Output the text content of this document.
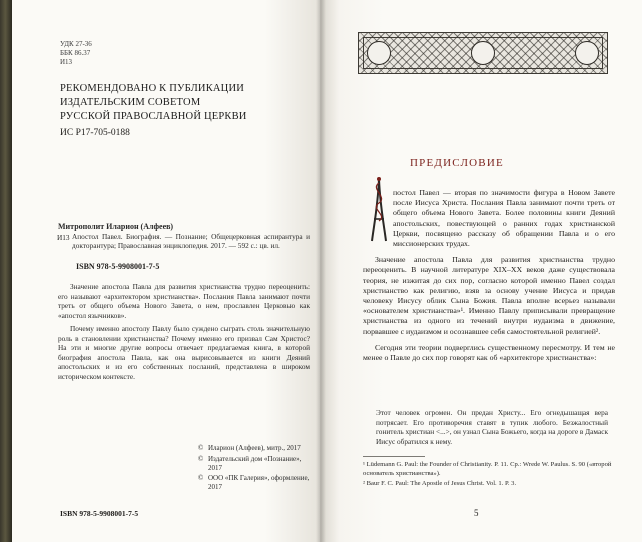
УДК 27-36
ББК 86.37
И13
РЕКОМЕНДОВАНО К ПУБЛИКАЦИИ
ИЗДАТЕЛЬСКИМ СОВЕТОМ
РУССКОЙ ПРАВОСЛАВНОЙ ЦЕРКВИ
ИС Р17-705-0188
Митрополит Иларион (Алфеев)
И13 Апостол Павел. Биография. — Познание; Общецерковная аспирантура и докторантура; Православная энциклопедия. 2017. — 592 с.: цв. ил.
ISBN 978-5-9908001-7-5

Значение апостола Павла для развития христианства трудно переоценить: его называют «архитектором христианства». Послания Павла занимают почти треть от общего объема Нового Завета, о нем, прославлен Церковью как «апостол язычников».

Почему именно апостолу Павлу было суждено сыграть столь значительную роль в становлении христианства? Почему именно его призвал Сам Христос? На эти и многие другие вопросы отвечает предлагаемая книга, в которой биография апостола Павла, как она вырисовывается из книги Деяний апостольских и из его собственных посланий, представлена в широком историческом контексте.

© Иларион (Алфеев), митр., 2017
© Издательский дом «Познание», 2017
© ООО «ПК Галерия», оформление, 2017
ISBN 978-5-9908001-7-5
ПРЕДИСЛОВИЕ

постол Павел — вторая по значимости фигура в Новом Завете после Иисуса Христа. Послания Павла занимают почти треть от общего объема Нового Завета. Более половины книги Деяний апостольских, повествующей о ранних годах христианской Церкви, посвящено рассказу об обращении Павла и о его миссионерских трудах.

Значение апостола Павла для развития христианства трудно переоценить. В научной литературе XIX–XX веков даже существовала теория, не изжитая до сих пор, согласно которой именно Павел создал христианство как религию, взяв за основу учение Иисуса и придав человеку Иисусу облик Сына Божия. Павла вполне всерьез называли «основателем христианства»¹. Именно Павлу приписывали превращение христианства из одного из течений внутри иудаизма в движение, порвавшее с иудаизмом и осознавшее себя самостоятельной религией².

Сегодня эти теории подверглись существенному пересмотру. И тем не менее о Павле до сих пор говорят как об «архитекторе христианства»:

Этот человек огромен. Он предан Христу... Его огнедышащая вера потрясает. Его противоречия ставят в тупик любого. Безжалостный гонитель христиан <...>, он узнал Сына Божьего, когда на дороге в Дамаск Иисус обратился к нему.
¹ Lüdemann G. Paul: the Founder of Christianity. P. 11. Ср.: Wrede W. Paulus. S. 90 («второй основатель христианства»).
² Baur F. C. Paul: The Apostle of Jesus Christ. Vol. 1. P. 3.
5
